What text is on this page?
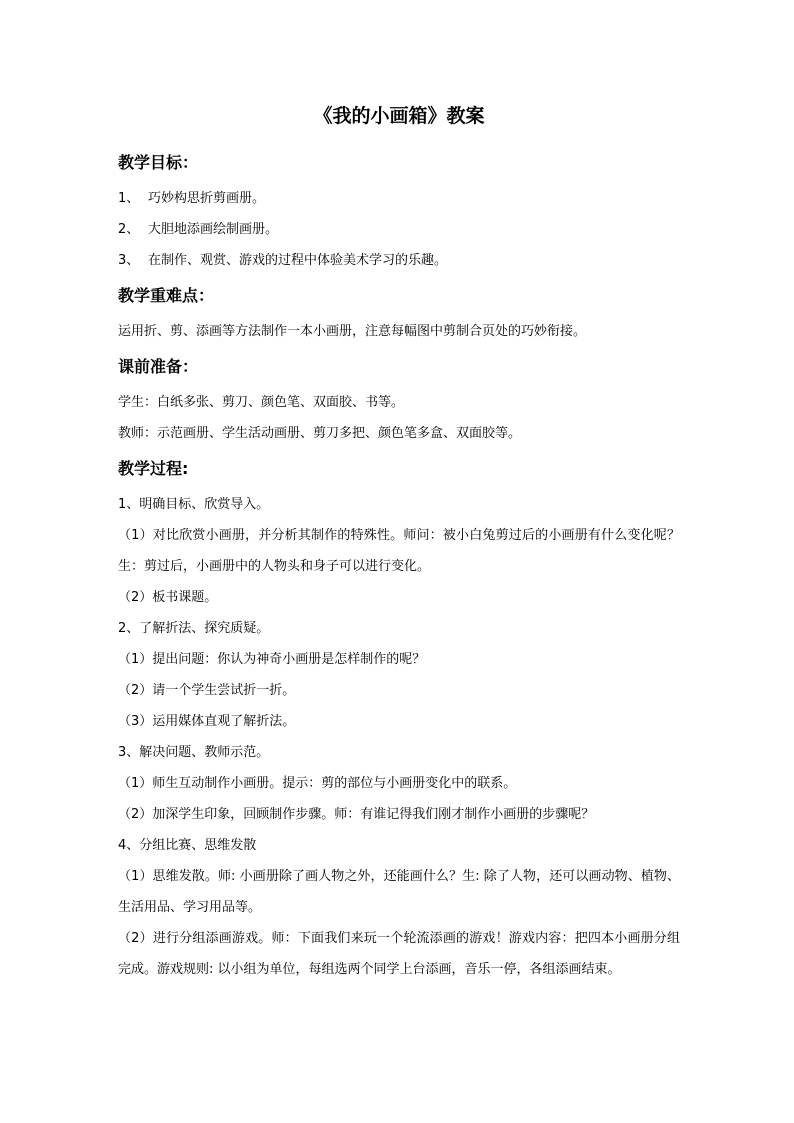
《我的小画箱》教案
教学目标：
1、 巧妙构思折剪画册。
2、 大胆地添画绘制画册。
3、 在制作、观赏、游戏的过程中体验美术学习的乐趣。
教学重难点：
运用折、剪、添画等方法制作一本小画册，注意每幅图中剪制合页处的巧妙衔接。
课前准备：
学生：白纸多张、剪刀、颜色笔、双面胶、书等。
教师：示范画册、学生活动画册、剪刀多把、颜色笔多盒、双面胶等。
教学过程:
1、明确目标、欣赏导入。
（1）对比欣赏小画册，并分析其制作的特殊性。师问：被小白兔剪过后的小画册有什么变化呢？生：剪过后，小画册中的人物头和身子可以进行变化。
（2）板书课题。
2、了解折法、探究质疑。
（1）提出问题：你认为神奇小画册是怎样制作的呢？
（2）请一个学生尝试折一折。
（3）运用媒体直观了解折法。
3、解决问题、教师示范。
（1）师生互动制作小画册。提示：剪的部位与小画册变化中的联系。
（2）加深学生印象，回顾制作步骤。师：有谁记得我们刚才制作小画册的步骤呢？
4、分组比赛、思维发散
（1）思维发散。师: 小画册除了画人物之外，还能画什么？生: 除了人物，还可以画动物、植物、生活用品、学习用品等。
（2）进行分组添画游戏。师：下面我们来玩一个轮流添画的游戏！游戏内容：把四本小画册分组完成。游戏规则: 以小组为单位，每组选两个同学上台添画，音乐一停，各组添画结束。
